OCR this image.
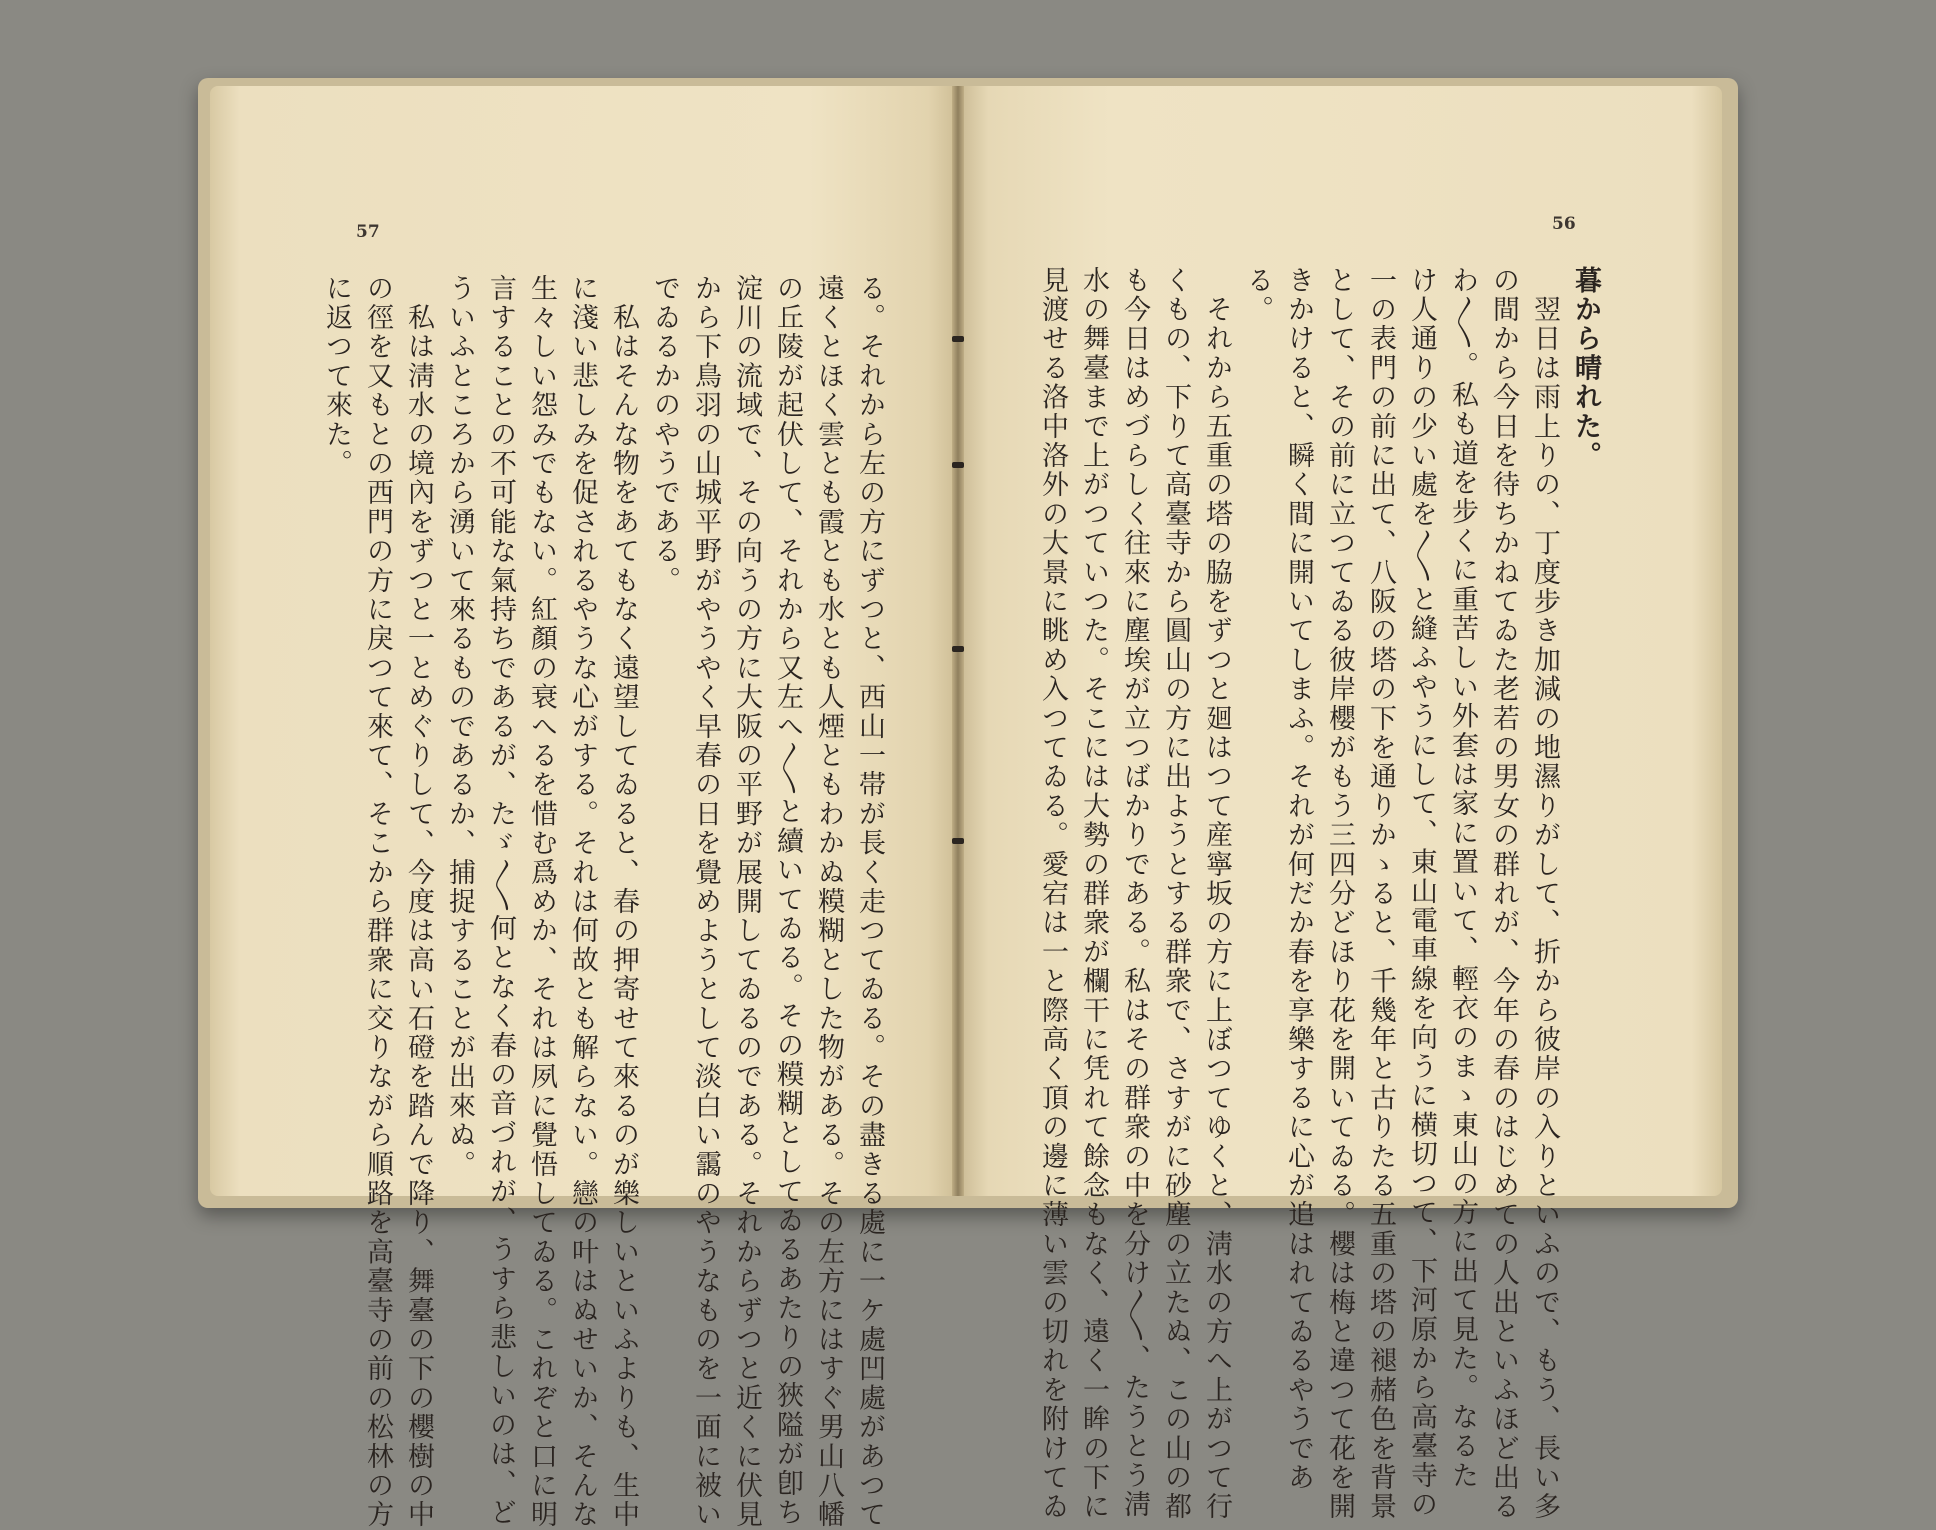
57	56
る。それから左の方にずつと、西山一帯が長く走つてゐる。その盡きる處に一ケ處凹處があつて
遠くとほく雲とも霞とも水とも人煙ともわかぬ糢糊とした物がある。その左方にはすぐ男山八幡
の丘陵が起伏して、それから又左へ〳〵と續いてゐる。その糢糊としてゐるあたりの狹隘が卽ち
淀川の流域で、その向うの方に大阪の平野が展開してゐるのである。それからずつと近くに伏見
から下鳥羽の山城平野がやうやく早春の日を覺めようとして淡白い靄のやうなものを一面に被い
でゐるかのやうである。
　私はそんな物をあてもなく遠望してゐると、春の押寄せて來るのが樂しいといふよりも、生中
に淺い悲しみを促されるやうな心がする。それは何故とも解らない。戀の叶はぬせいか、そんな
生々しい怨みでもない。紅顏の衰へるを惜む爲めか、それは夙に覺悟してゐる。これぞと口に明
言することの不可能な氣持ちであるが、たゞ〳〵何となく春の音づれが、うすら悲しいのは、ど
ういふところから湧いて來るものであるか、捕捉することが出來ぬ。
　私は淸水の境內をずつと一とめぐりして、今度は高い石磴を踏んで降り、舞臺の下の櫻樹の中
の徑を又もとの西門の方に戾つて來て、そこから群衆に交りながら順路を高臺寺の前の松林の方
に返つて來た。	暮から晴れた。
　翌日は雨上りの、丁度步き加減の地濕りがして、折から彼岸の入りといふので、もう、長い多
の間から今日を待ちかねてゐた老若の男女の群れが、今年の春のはじめての人出といふほど出る
わ〳〵。私も道を步くに重苦しい外套は家に置いて、輕衣のまゝ東山の方に出て見た。なるた
け人通りの少い處を〳〵と縫ふやうにして、東山電車線を向うに横切つて、下河原から高臺寺の
一の表門の前に出て、八阪の塔の下を通りかゝると、千幾年と古りたる五重の塔の褪赭色を背景
として、その前に立つてゐる彼岸櫻がもう三四分どほり花を開いてゐる。櫻は梅と違つて花を開
きかけると、瞬く間に開いてしまふ。それが何だか春を享樂するに心が追はれてゐるやうであ
る。
　それから五重の塔の脇をずつと廻はつて産寧坂の方に上ぼつてゆくと、淸水の方へ上がつて行
くもの、下りて高臺寺から圓山の方に出ようとする群衆で、さすがに砂塵の立たぬ、この山の都
も今日はめづらしく往來に塵埃が立つばかりである。私はその群衆の中を分け〳〵、たうとう淸
水の舞臺まで上がつていつた。そこには大勢の群衆が欄干に凭れて餘念もなく、遠く一眸の下に
見渡せる洛中洛外の大景に眺め入つてゐる。愛宕は一と際高く頂の邊に薄い雲の切れを附けてゐ
